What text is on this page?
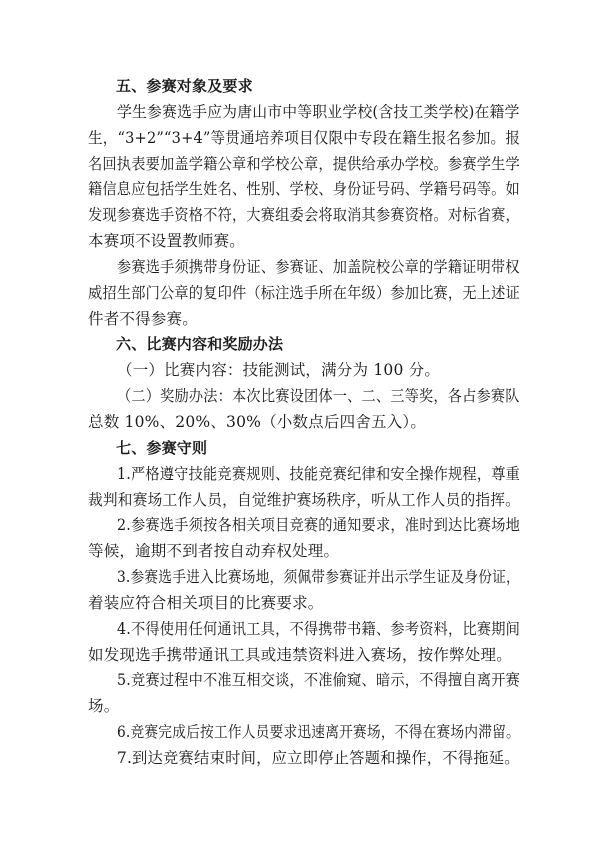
五、参赛对象及要求
学生参赛选手应为唐山市中等职业学校(含技工类学校)在籍学
生，“3+2”“3+4”等贯通培养项目仅限中专段在籍生报名参加。报
名回执表要加盖学籍公章和学校公章，提供给承办学校。参赛学生学
籍信息应包括学生姓名、性别、学校、身份证号码、学籍号码等。如
发现参赛选手资格不符，大赛组委会将取消其参赛资格。对标省赛，
本赛项不设置教师赛。
参赛选手须携带身份证、参赛证、加盖院校公章的学籍证明带权
威招生部门公章的复印件（标注选手所在年级）参加比赛，无上述证
件者不得参赛。
六、比赛内容和奖励办法
（一）比赛内容：技能测试，满分为 100 分。
（二）奖励办法：本次比赛设团体一、二、三等奖，各占参赛队
总数 10%、20%、30%（小数点后四舍五入）。
七、参赛守则
1.严格遵守技能竞赛规则、技能竞赛纪律和安全操作规程，尊重
裁判和赛场工作人员，自觉维护赛场秩序，听从工作人员的指挥。
2.参赛选手须按各相关项目竞赛的通知要求，准时到达比赛场地
等候，逾期不到者按自动弃权处理。
3.参赛选手进入比赛场地，须佩带参赛证并出示学生证及身份证，
着装应符合相关项目的比赛要求。
4.不得使用任何通讯工具，不得携带书籍、参考资料，比赛期间
如发现选手携带通讯工具或违禁资料进入赛场，按作弊处理。
5.竞赛过程中不准互相交谈，不准偷窥、暗示，不得擅自离开赛
场。
6.竞赛完成后按工作人员要求迅速离开赛场，不得在赛场内滞留。
7.到达竞赛结束时间，应立即停止答题和操作，不得拖延。
